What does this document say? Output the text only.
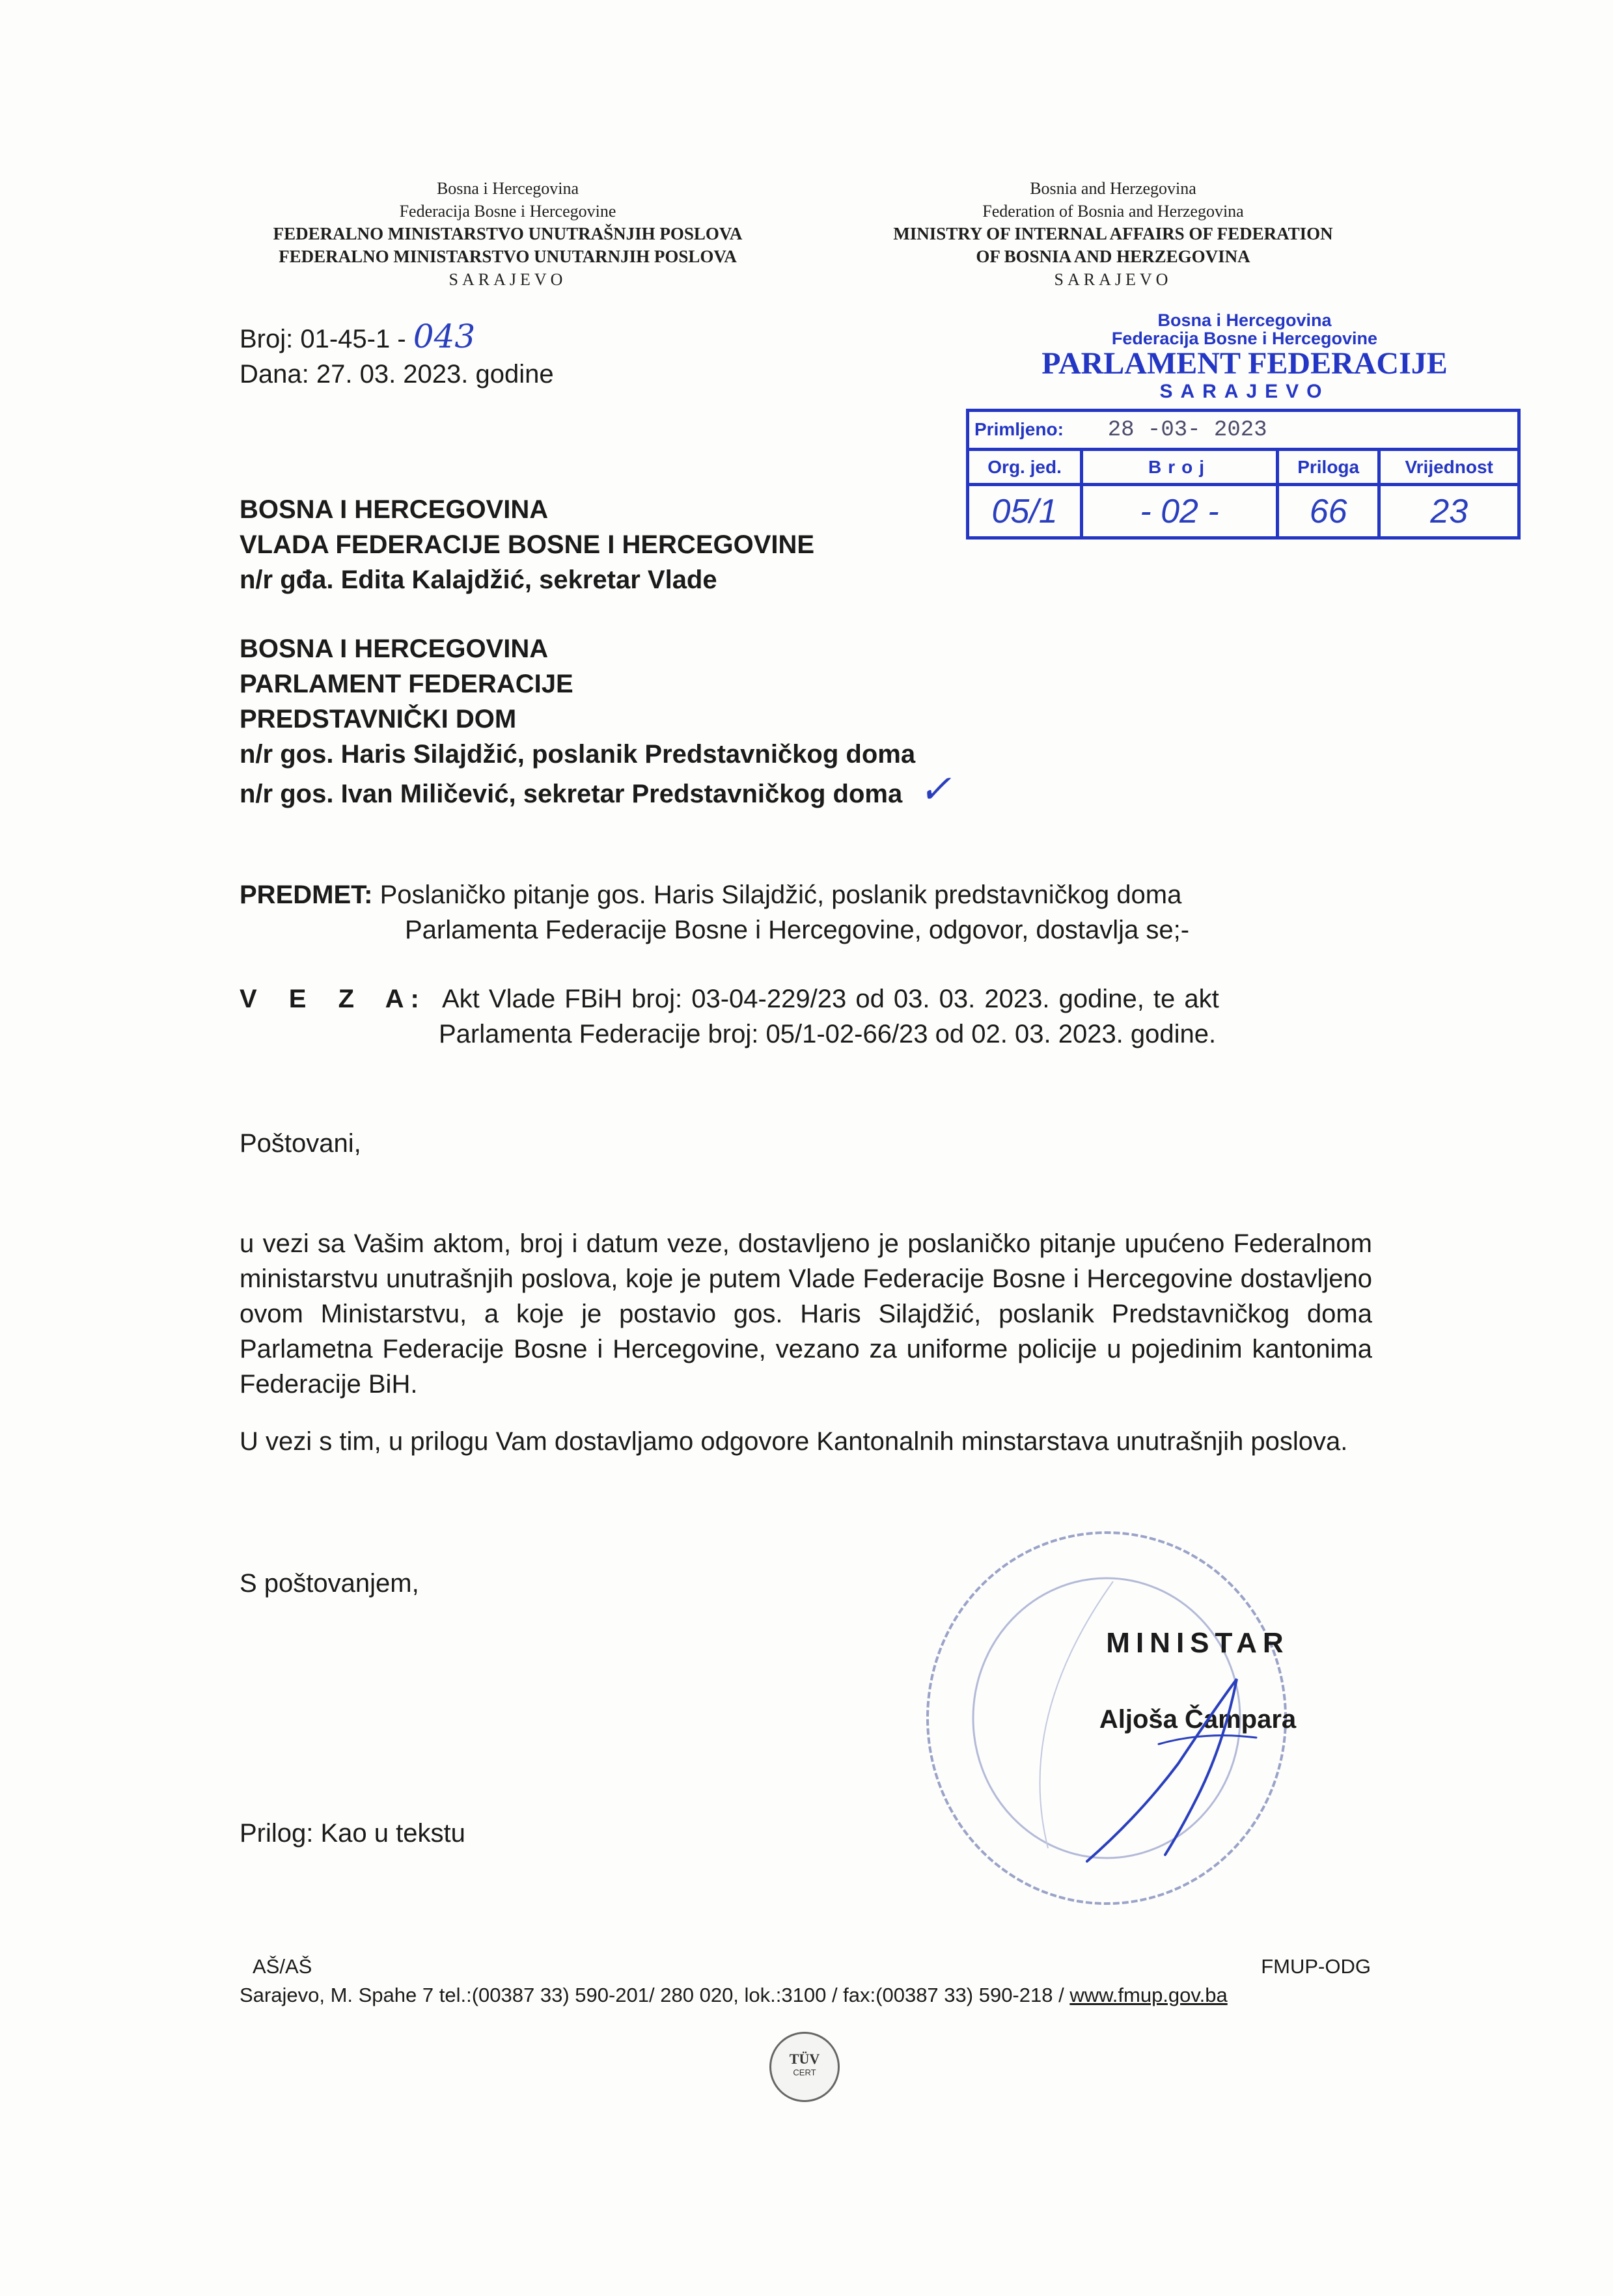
Bosna i Hercegovina
Federacija Bosne i Hercegovine
FEDERALNO MINISTARSTVO UNUTRAŠNJIH POSLOVA
FEDERALNO MINISTARSTVO UNUTARNJIH POSLOVA
SARAJEVO
Bosnia and Herzegovina
Federation of Bosnia and Herzegovina
MINISTRY OF INTERNAL AFFAIRS OF FEDERATION
OF BOSNIA AND HERZEGOVINA
SARAJEVO
Broj: 01-45-1 - 043
Dana: 27. 03. 2023. godine
Bosna i Hercegovina
Federacija Bosne i Hercegovine
PARLAMENT FEDERACIJE
SARAJEVO
Primljeno: 28 -03- 2023			
Org. jed.	Broj	Priloga	Vrijednost
05/1	- 02 -	66	23
BOSNA I HERCEGOVINA
VLADA FEDERACIJE BOSNE I HERCEGOVINE
n/r gđa. Edita Kalajdžić, sekretar Vlade
BOSNA I HERCEGOVINA
PARLAMENT FEDERACIJE
PREDSTAVNIČKI DOM
n/r gos. Haris Silajdžić, poslanik Predstavničkog doma
n/r gos. Ivan Miličević, sekretar Predstavničkog doma ✓
PREDMET: Poslaničko pitanje gos. Haris Silajdžić, poslanik predstavničkog doma
Parlamenta Federacije Bosne i Hercegovine, odgovor, dostavlja se;-
V E Z A: Akt Vlade FBiH broj: 03-04-229/23 od 03. 03. 2023. godine, te akt
Parlamenta Federacije broj: 05/1-02-66/23 od 02. 03. 2023. godine.
Poštovani,
u vezi sa Vašim aktom, broj i datum veze, dostavljeno je poslaničko pitanje upućeno Federalnom ministarstvu unutrašnjih poslova, koje je putem Vlade Federacije Bosne i Hercegovine dostavljeno ovom Ministarstvu, a koje je postavio gos. Haris Silajdžić, poslanik Predstavničkog doma Parlametna Federacije Bosne i Hercegovine, vezano za uniforme policije u pojedinim kantonima Federacije BiH.
U vezi s tim, u prilogu Vam dostavljamo odgovore Kantonalnih minstarstava unutrašnjih poslova.
S poštovanjem,
MINISTAR
Aljoša Čampara
Prilog: Kao u tekstu
AŠ/AŠ	FMUP-ODG
Sarajevo, M. Spahe 7 tel.:(00387 33) 590-201/ 280 020, lok.:3100 / fax:(00387 33) 590-218 / www.fmup.gov.ba
TÜV
CERT
